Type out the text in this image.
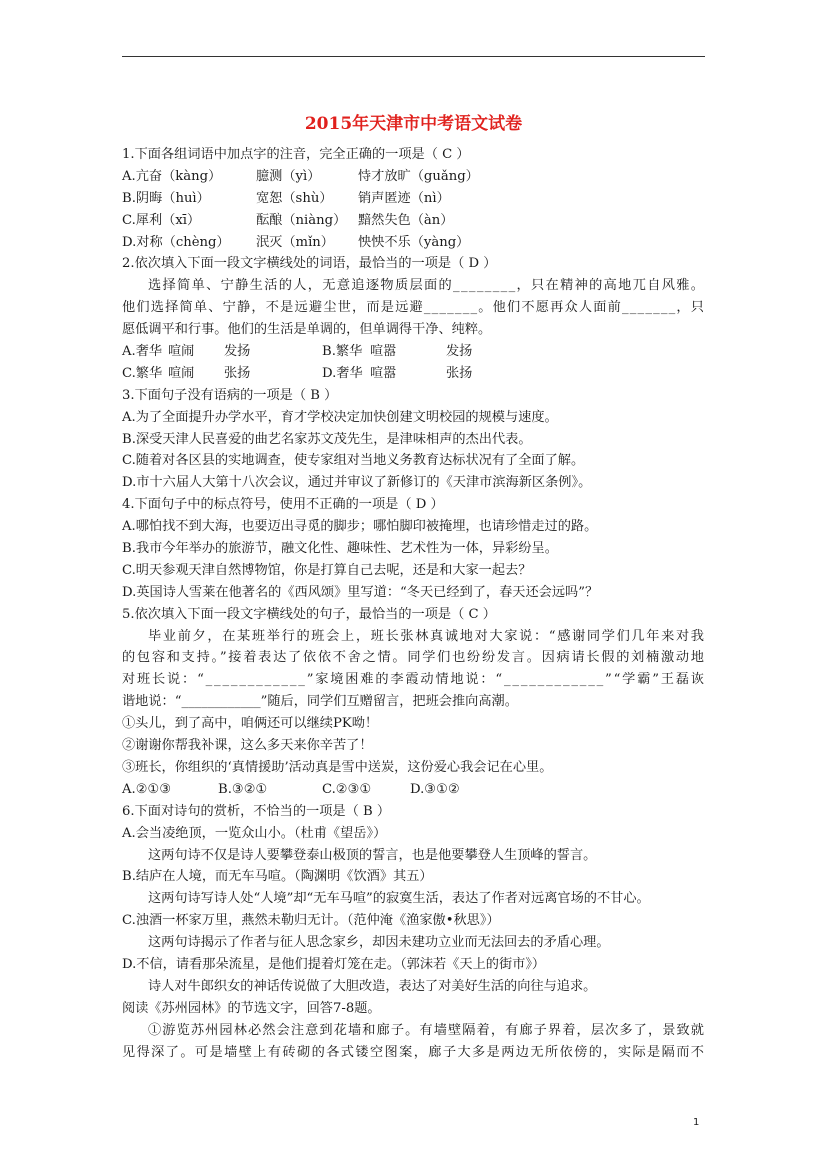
2015年天津市中考语文试卷
1.下面各组词语中加点字的注音，完全正确的一项是（ C ）
A.亢奋（kàng）	臆测（yì）	恃才放旷（guǎng）
B.阴晦（huì）	宽恕（shù） 销声匿迹（nì）
C.犀利（xī）	酝酿（niàng） 黯然失色（àn）
D.对称（chèng） 泯灭（mǐn） 怏怏不乐（yàng）
2.依次填入下面一段文字横线处的词语，最恰当的一项是（ D ）
选择简单、宁静生活的人，无意追逐物质层面的________，只在精神的高地兀自风雅。
他们选择简单、宁静，不是远避尘世，而是远避_______。他们不愿再众人面前_______，只
愿低调平和行事。他们的生活是单调的，但单调得干净、纯粹。
A.奢华 喧闹 发扬	B.繁华 喧嚣	发扬
C.繁华 喧闹 张扬	D.奢华 喧嚣	张扬
3.下面句子没有语病的一项是（ B ）
A.为了全面提升办学水平，育才学校决定加快创建文明校园的规模与速度。
B.深受天津人民喜爱的曲艺名家苏文茂先生，是津味相声的杰出代表。
C.随着对各区县的实地调查，使专家组对当地义务教育达标状况有了全面了解。
D.市十六届人大第十八次会议，通过并审议了新修订的《天津市滨海新区条例》。
4.下面句子中的标点符号，使用不正确的一项是（ D ）
A.哪怕找不到大海，也要迈出寻觅的脚步；哪怕脚印被掩埋，也请珍惜走过的路。
B.我市今年举办的旅游节，融文化性、趣味性、艺术性为一体，异彩纷呈。
C.明天参观天津自然博物馆，你是打算自己去呢，还是和大家一起去？
D.英国诗人雪莱在他著名的《西风颂》里写道：“冬天已经到了，春天还会远吗”？
5.依次填入下面一段文字横线处的句子，最恰当的一项是（ C ）
毕业前夕，在某班举行的班会上，班长张林真诚地对大家说：“感谢同学们几年来对我
的包容和支持。”接着表达了依依不舍之情。同学们也纷纷发言。因病请长假的刘楠激动地
对班长说：“____________”家境困难的李霞动情地说：“____________”“学霸”王磊诙
谐地说：“____________”随后，同学们互赠留言，把班会推向高潮。
①头儿，到了高中，咱俩还可以继续PK呦！
②谢谢你帮我补课，这么多天来你辛苦了！
③班长，你组织的‘真情援助’活动真是雪中送炭，这份爱心我会记在心里。
A.②①③	B.③②①	C.②③①	D.③①②
6.下面对诗句的赏析，不恰当的一项是（ B ）
A.会当凌绝顶，一览众山小。（杜甫《望岳》）
这两句诗不仅是诗人要攀登泰山极顶的誓言，也是他要攀登人生顶峰的誓言。
B.结庐在人境，而无车马喧。（陶渊明《饮酒》其五）
这两句诗写诗人处“人境”却“无车马喧”的寂寞生活，表达了作者对远离官场的不甘心。
C.浊酒一杯家万里，燕然未勒归无计。（范仲淹《渔家傲•秋思》）
这两句诗揭示了作者与征人思念家乡，却因未建功立业而无法回去的矛盾心理。
D.不信，请看那朵流星，是他们提着灯笼在走。（郭沫若《天上的街市》）
诗人对牛郎织女的神话传说做了大胆改造，表达了对美好生活的向往与追求。
阅读《苏州园林》的节选文字，回答7-8题。
①游览苏州园林必然会注意到花墙和廊子。有墙壁隔着，有廊子界着，层次多了，景致就
见得深了。可是墙壁上有砖砌的各式镂空图案，廊子大多是两边无所依傍的，实际是隔而不
1
